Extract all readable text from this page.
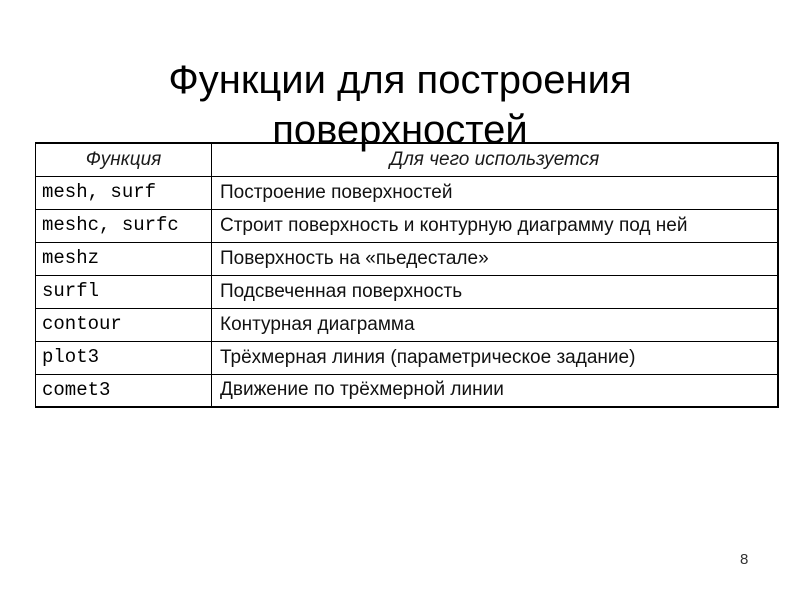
Функции для построения
поверхностей
Функция	Для чего используется
mesh, surf	Построение поверхностей
meshc, surfc	Строит поверхность и контурную диаграмму под ней
meshz	Поверхность на «пьедестале»
surfl	Подсвеченная поверхность
contour	Контурная диаграмма
plot3	Трёхмерная линия (параметрическое задание)
comet3	Движение по трёхмерной линии
8
